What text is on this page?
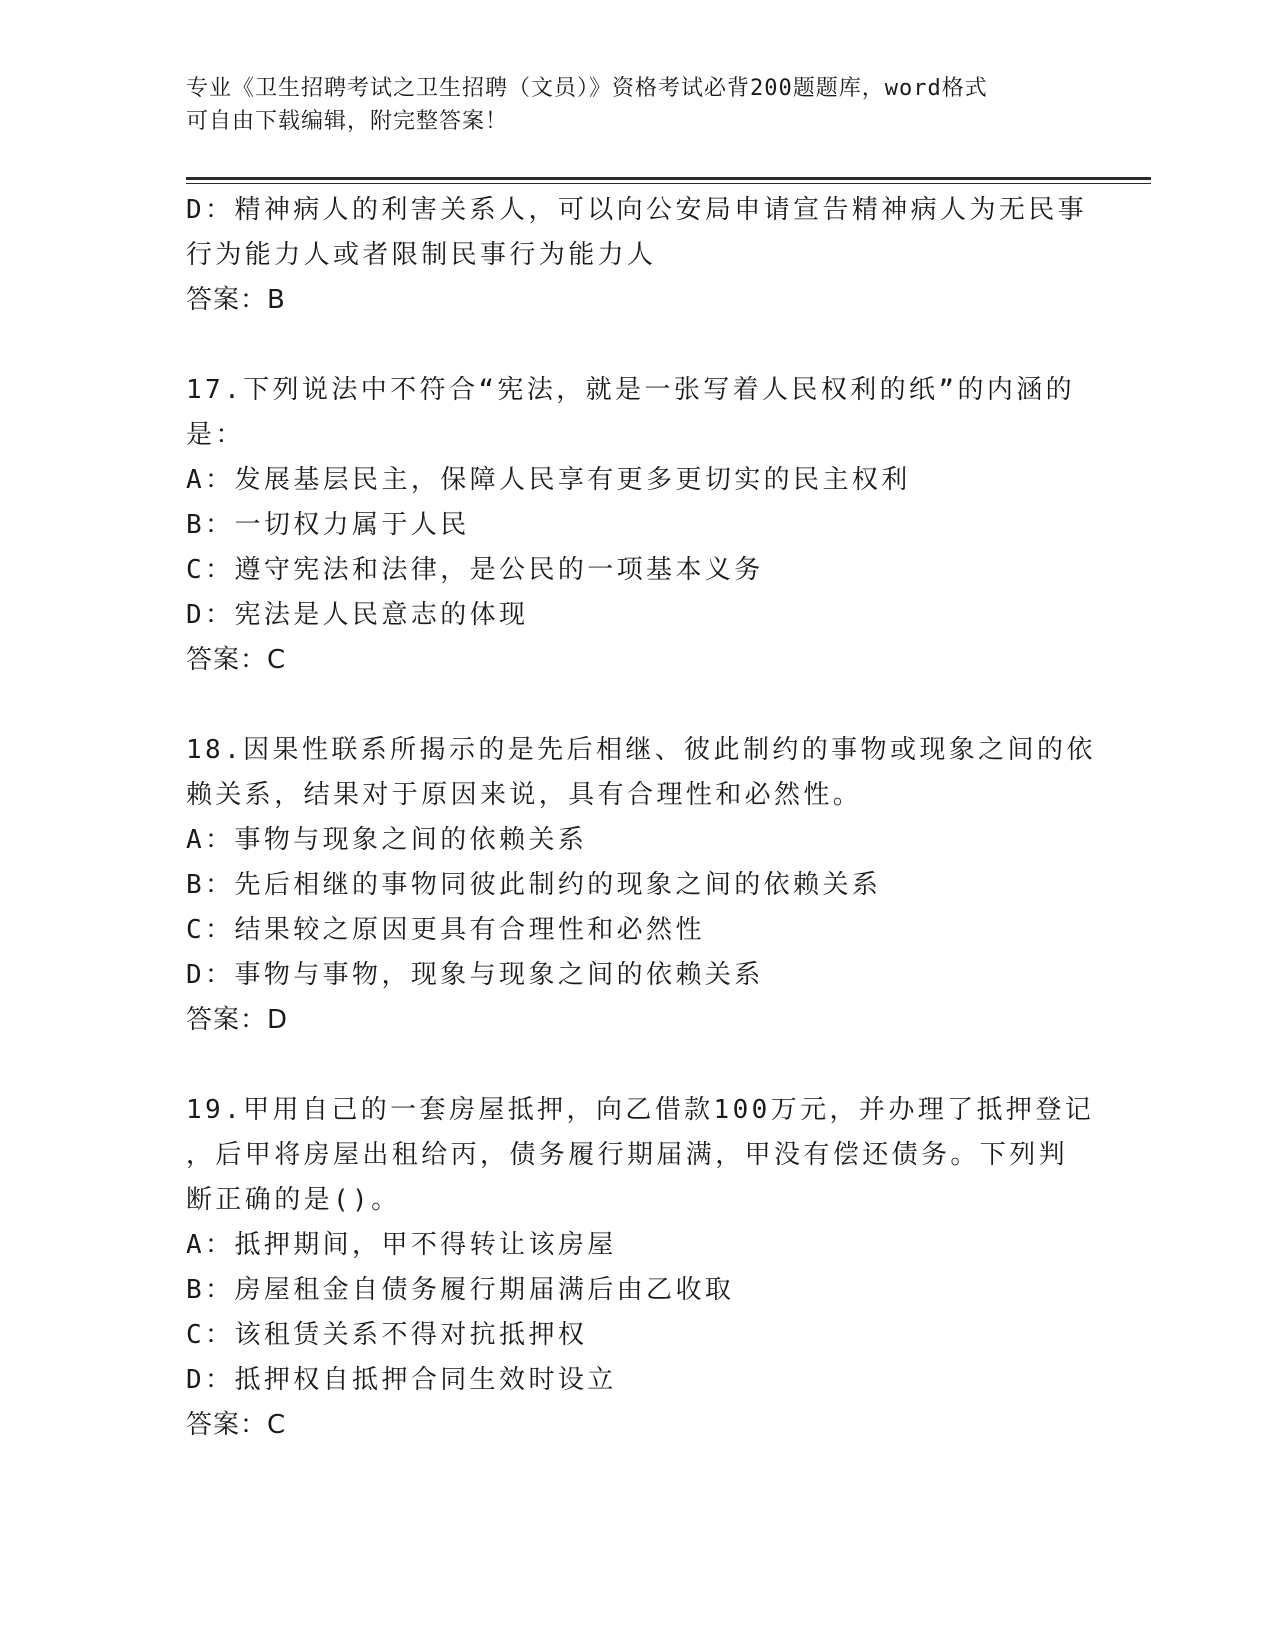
专业《卫生招聘考试之卫生招聘（文员）》资格考试必背200题题库，word格式
可自由下载编辑，附完整答案！
D：精神病人的利害关系人，可以向公安局申请宣告精神病人为无民事
行为能力人或者限制民事行为能力人
答案：B
17.下列说法中不符合“宪法，就是一张写着人民权利的纸”的内涵的
是：
A：发展基层民主，保障人民享有更多更切实的民主权利
B：一切权力属于人民
C：遵守宪法和法律，是公民的一项基本义务
D：宪法是人民意志的体现
答案：C
18.因果性联系所揭示的是先后相继、彼此制约的事物或现象之间的依
赖关系，结果对于原因来说，具有合理性和必然性。
A：事物与现象之间的依赖关系
B：先后相继的事物同彼此制约的现象之间的依赖关系
C：结果较之原因更具有合理性和必然性
D：事物与事物，现象与现象之间的依赖关系
答案：D
19.甲用自己的一套房屋抵押，向乙借款100万元，并办理了抵押登记
，后甲将房屋出租给丙，债务履行期届满，甲没有偿还债务。下列判
断正确的是()。
A：抵押期间，甲不得转让该房屋
B：房屋租金自债务履行期届满后由乙收取
C：该租赁关系不得对抗抵押权
D：抵押权自抵押合同生效时设立
答案：C
